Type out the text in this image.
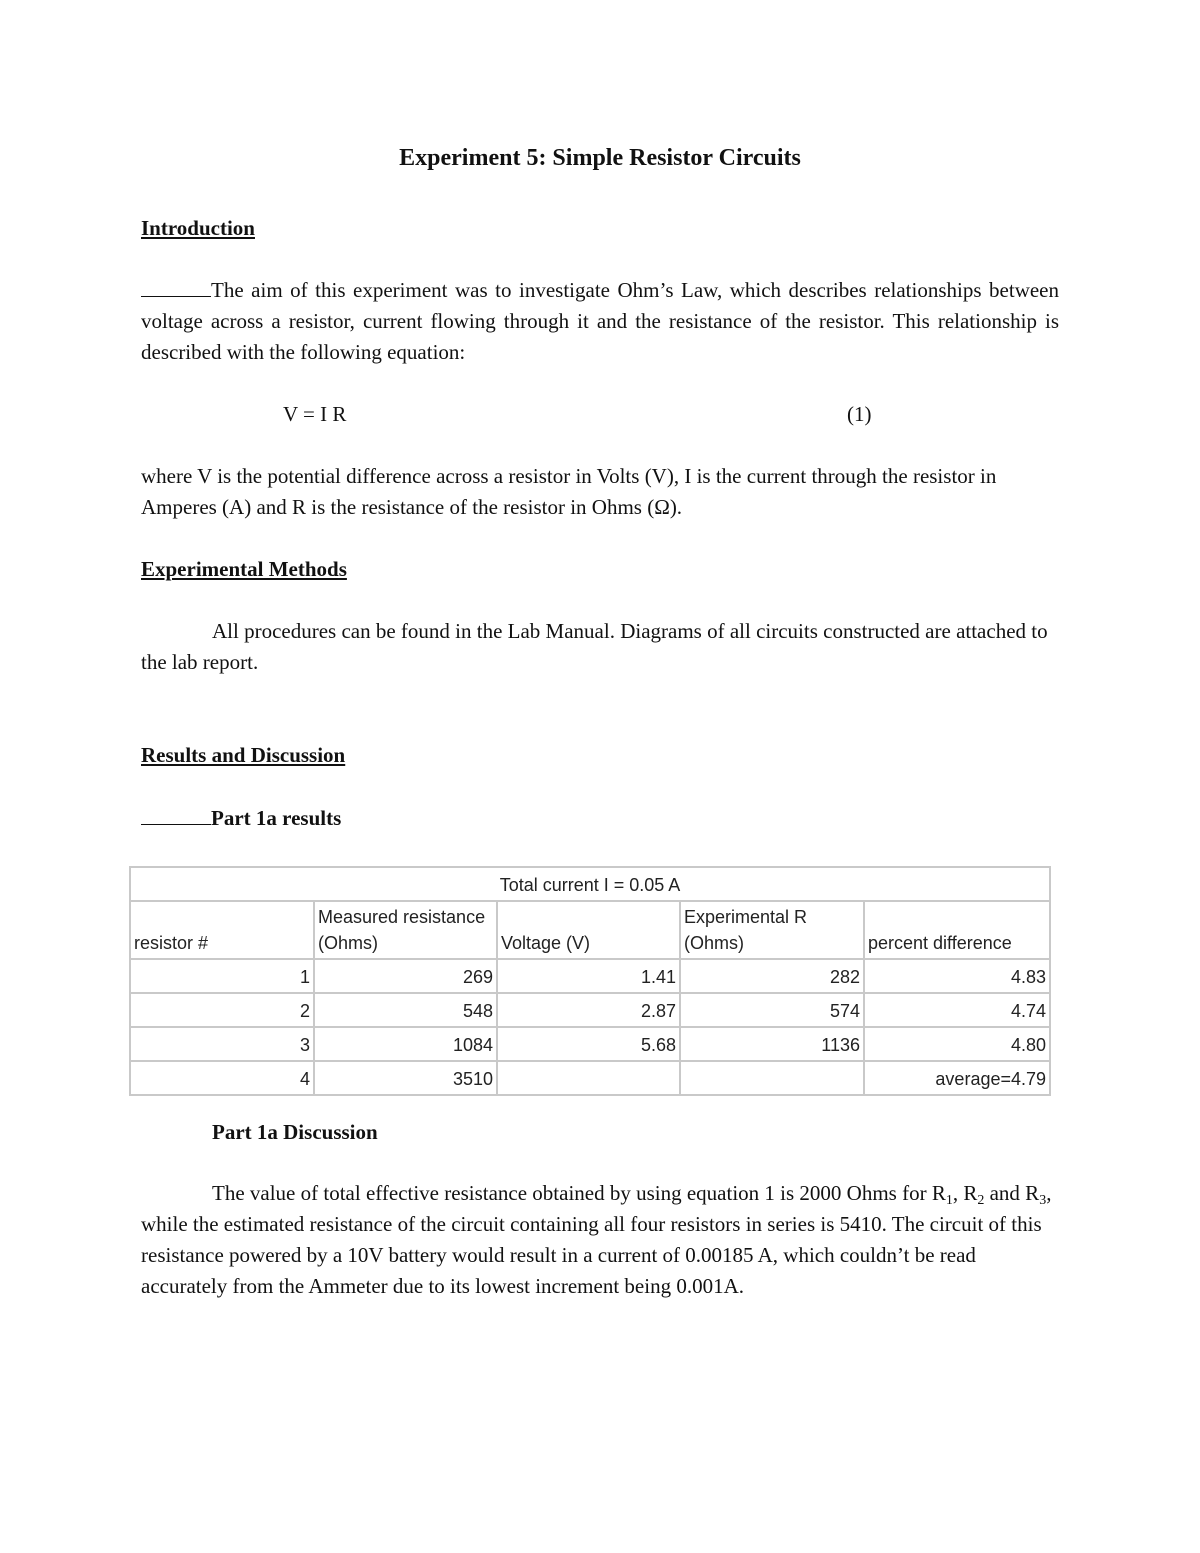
Experiment 5: Simple Resistor Circuits
Introduction
The aim of this experiment was to investigate Ohm’s Law, which describes relationships between voltage across a resistor, current flowing through it and the resistance of the resistor. This relationship is described with the following equation:
V = I R	(1)
where V is the potential difference across a resistor in Volts (V), I is the current through the resistor in Amperes (A) and R is the resistance of the resistor in Ohms (Ω).
Experimental Methods
All procedures can be found in the Lab Manual. Diagrams of all circuits constructed are attached to the lab report.
Results and Discussion
Part 1a results
Total current I = 0.05 A				
resistor #	Measured resistance (Ohms)	Voltage (V)	Experimental R (Ohms)	percent difference
1	269	1.41	282	4.83
2	548	2.87	574	4.74
3	1084	5.68	1136	4.80
4	3510			average=4.79
Part 1a Discussion
The value of total effective resistance obtained by using equation 1 is 2000 Ohms for $R_1$, $R_2$ and $R_3$, while the estimated resistance of the circuit containing all four resistors in series is 5410. The circuit of this resistance powered by a 10V battery would result in a current of 0.00185 A, which couldn’t be read accurately from the Ammeter due to its lowest increment being 0.001A.
